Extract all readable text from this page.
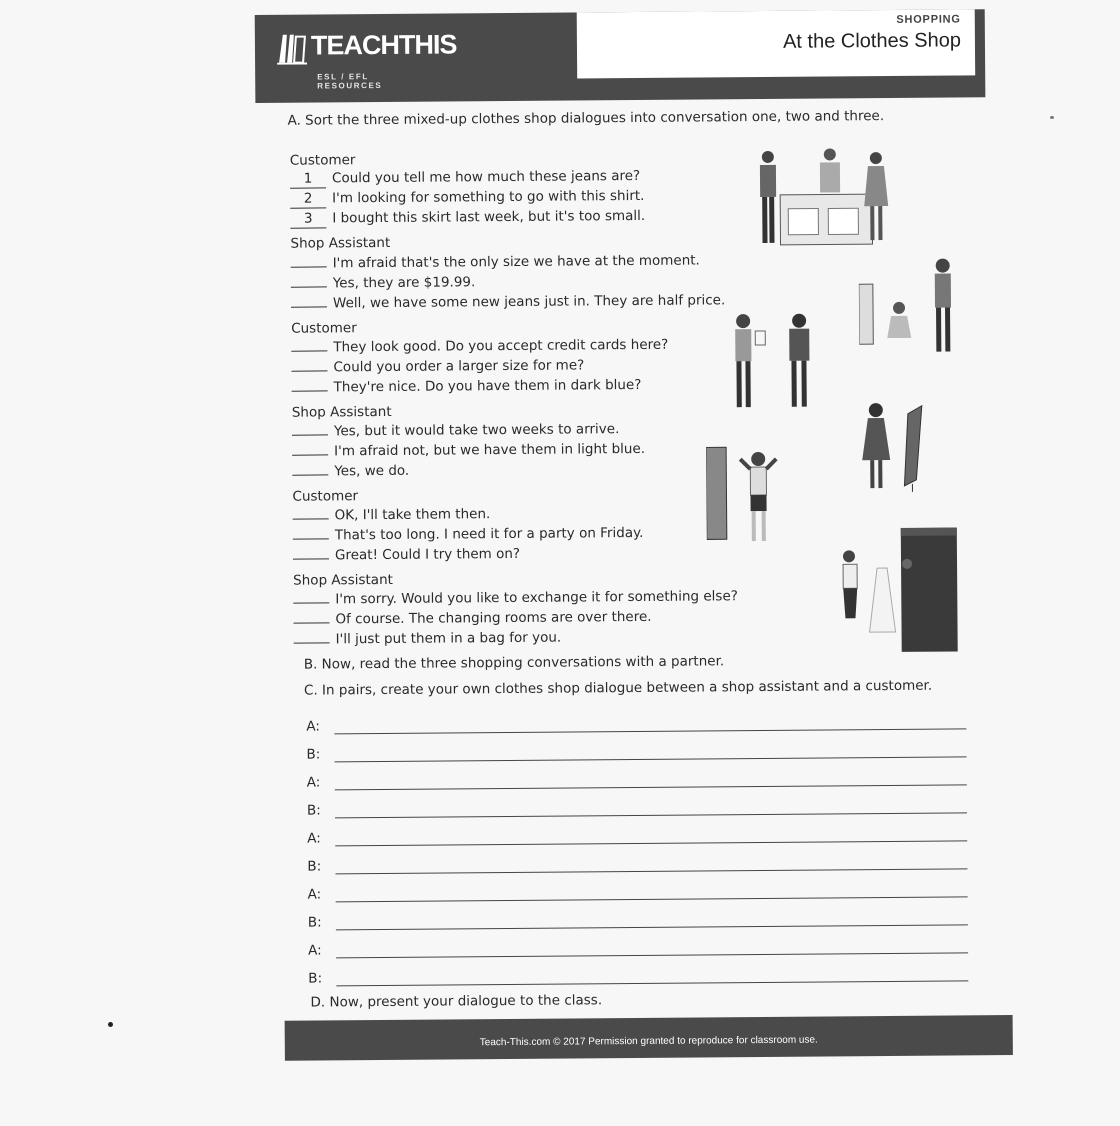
TEACHTHIS
ESL / EFL RESOURCES
SHOPPING
At the Clothes Shop
A. Sort the three mixed-up clothes shop dialogues into conversation one, two and three.
Customer
1 Could you tell me how much these jeans are?
2 I'm looking for something to go with this shirt.
3 I bought this skirt last week, but it's too small.
Shop Assistant
I'm afraid that's the only size we have at the moment.
Yes, they are $19.99.
Well, we have some new jeans just in. They are half price.
Customer
They look good. Do you accept credit cards here?
Could you order a larger size for me?
They're nice. Do you have them in dark blue?
Shop Assistant
Yes, but it would take two weeks to arrive.
I'm afraid not, but we have them in light blue.
Yes, we do.
Customer
OK, I'll take them then.
That's too long. I need it for a party on Friday.
Great! Could I try them on?
Shop Assistant
I'm sorry. Would you like to exchange it for something else?
Of course. The changing rooms are over there.
I'll just put them in a bag for you.
B. Now, read the three shopping conversations with a partner.
C. In pairs, create your own clothes shop dialogue between a shop assistant and a customer.
A:
B:
A:
B:
A:
B:
A:
B:
A:
B:
D. Now, present your dialogue to the class.
Teach-This.com © 2017 Permission granted to reproduce for classroom use.
